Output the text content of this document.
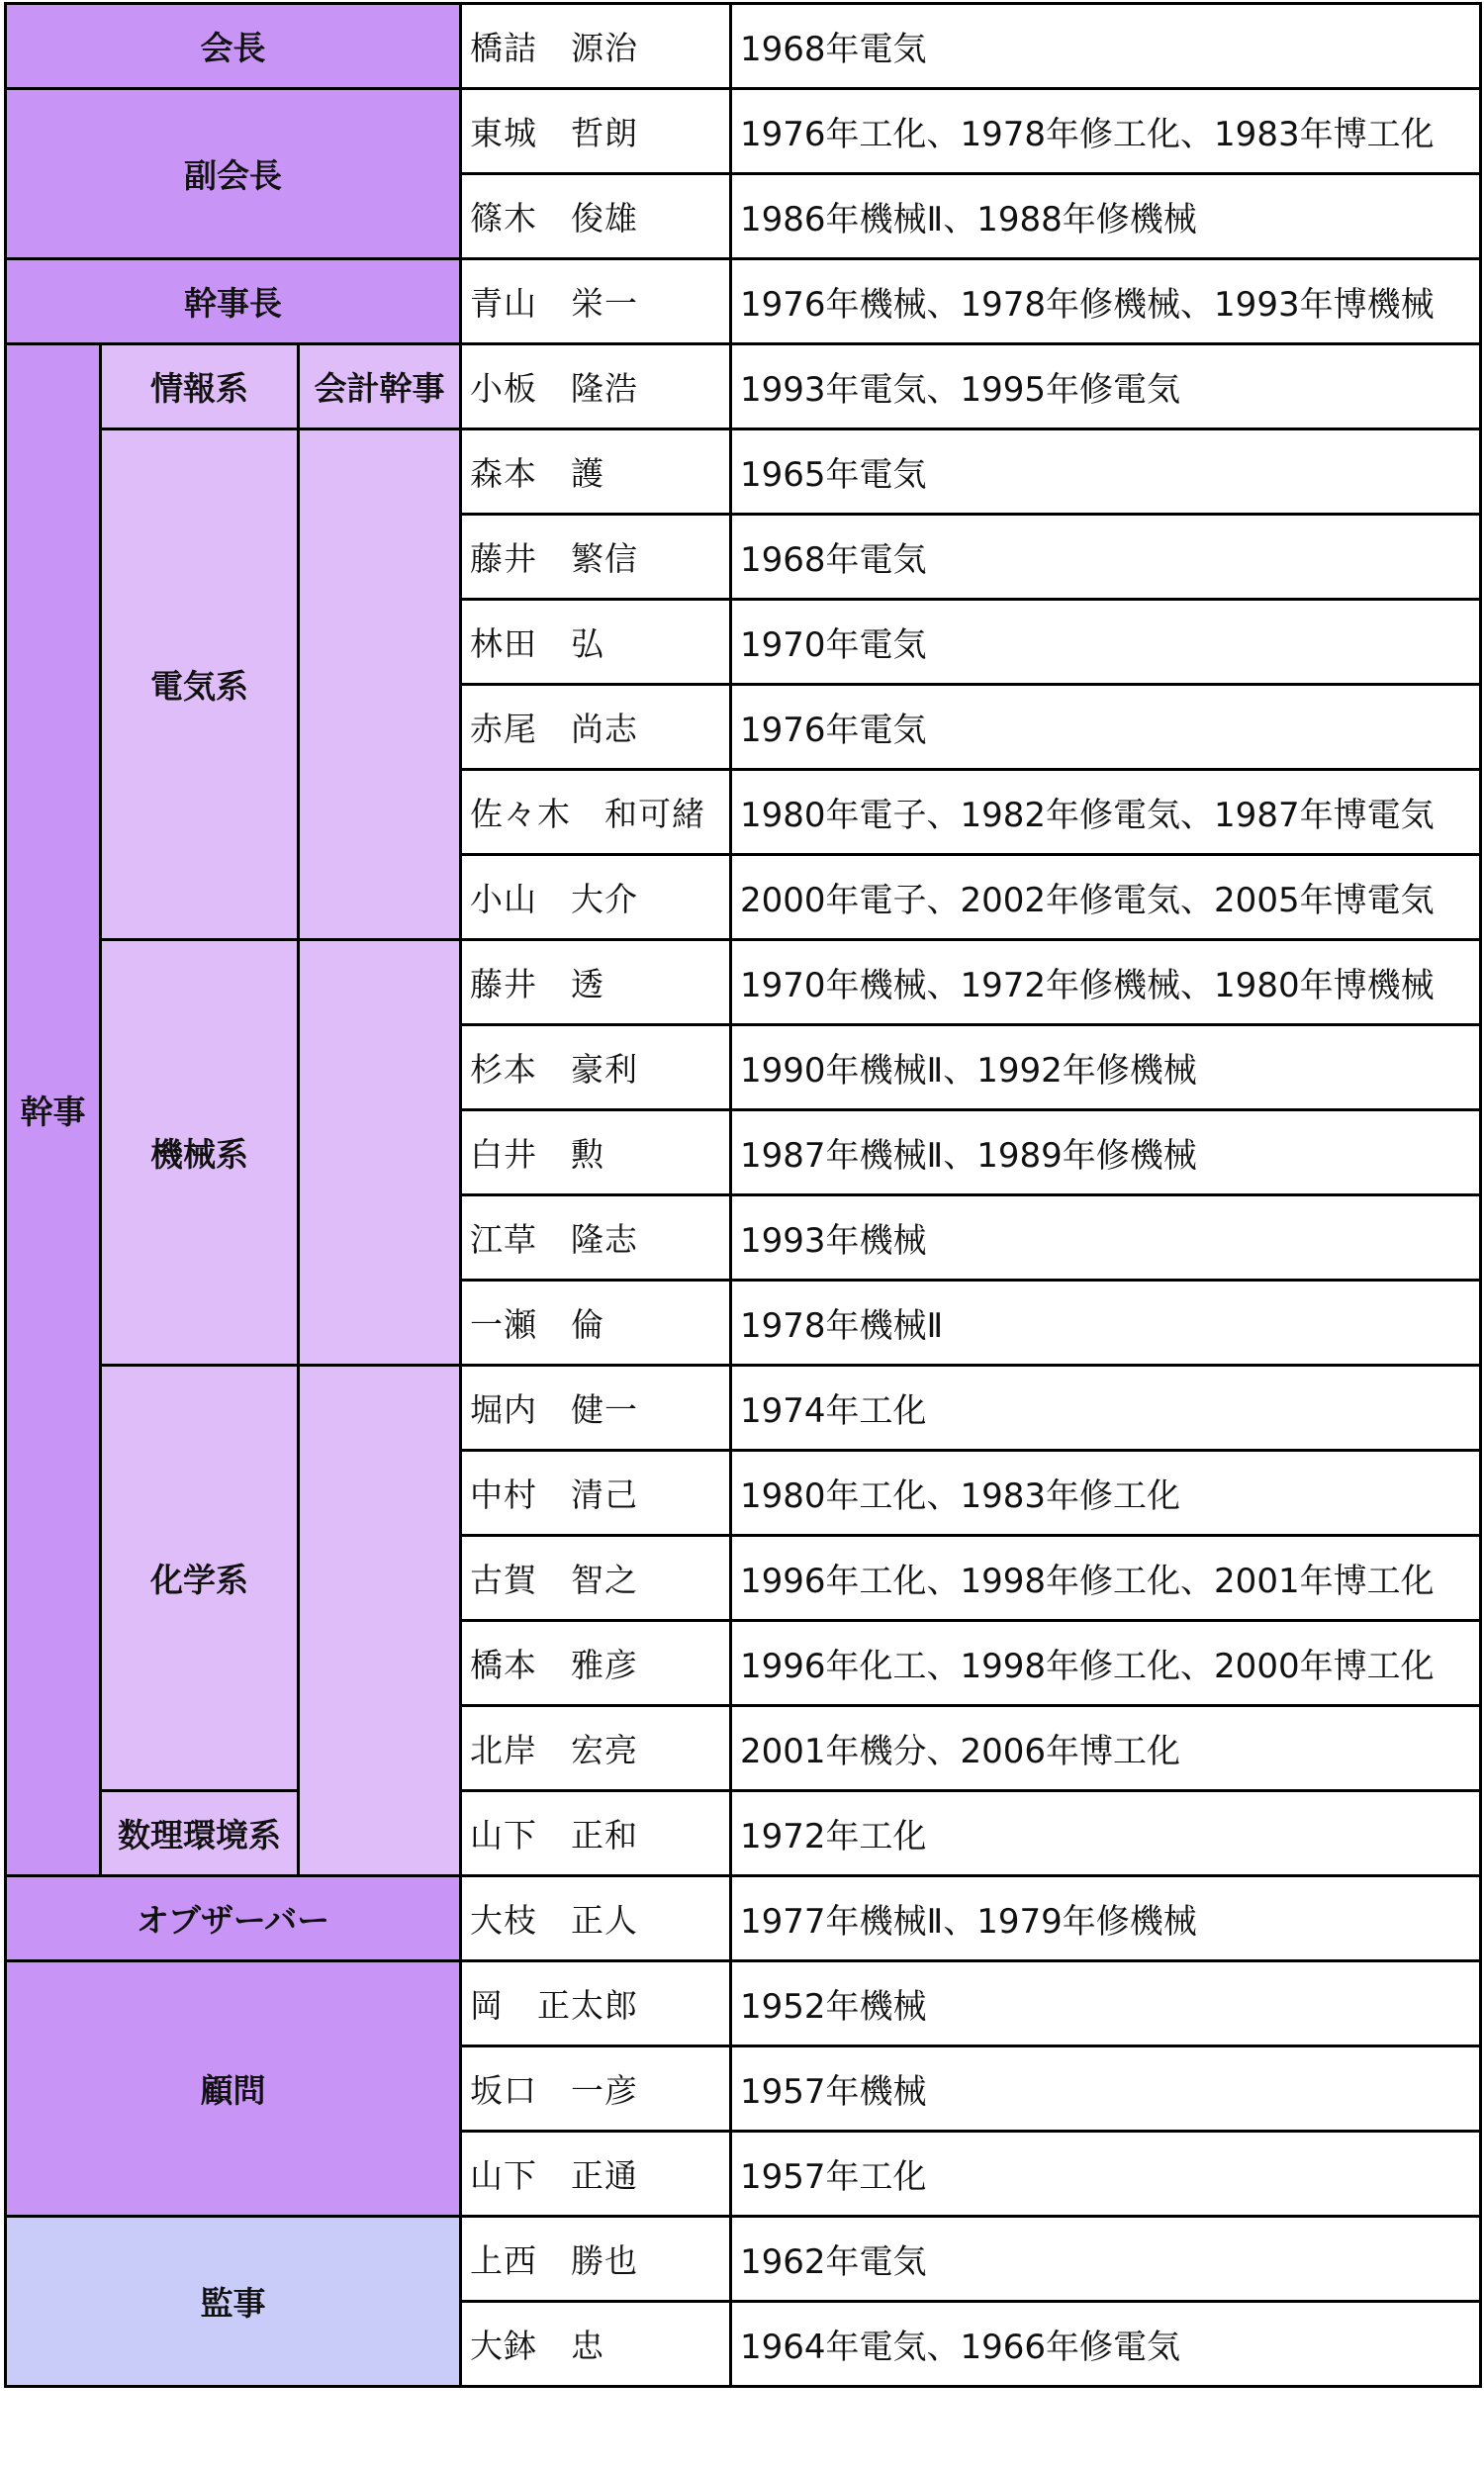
会長			橋詰　源治	1968年電気
副会長			東城　哲朗	1976年工化、1978年修工化、1983年博工化
			篠木　俊雄	1986年機械Ⅱ、1988年修機械
幹事長			青山　栄一	1976年機械、1978年修機械、1993年博機械
幹事	情報系	会計幹事	小板　隆浩	1993年電気、1995年修電気
	電気系		森本　護	1965年電気
			藤井　繁信	1968年電気
			林田　弘	1970年電気
			赤尾　尚志	1976年電気
			佐々木　和可緒	1980年電子、1982年修電気、1987年博電気
			小山　大介	2000年電子、2002年修電気、2005年博電気
	機械系		藤井　透	1970年機械、1972年修機械、1980年博機械
			杉本　豪利	1990年機械Ⅱ、1992年修機械
			白井　勲	1987年機械Ⅱ、1989年修機械
			江草　隆志	1993年機械
			一瀬　倫	1978年機械Ⅱ
	化学系		堀内　健一	1974年工化
			中村　清己	1980年工化、1983年修工化
			古賀　智之	1996年工化、1998年修工化、2001年博工化
			橋本　雅彦	1996年化工、1998年修工化、2000年博工化
			北岸　宏亮	2001年機分、2006年博工化
	数理環境系		山下　正和	1972年工化
オブザーバー			大枝　正人	1977年機械Ⅱ、1979年修機械
顧問			岡　正太郎	1952年機械
			坂口　一彦	1957年機械
			山下　正通	1957年工化
監事			上西　勝也	1962年電気
			大鉢　忠	1964年電気、1966年修電気
